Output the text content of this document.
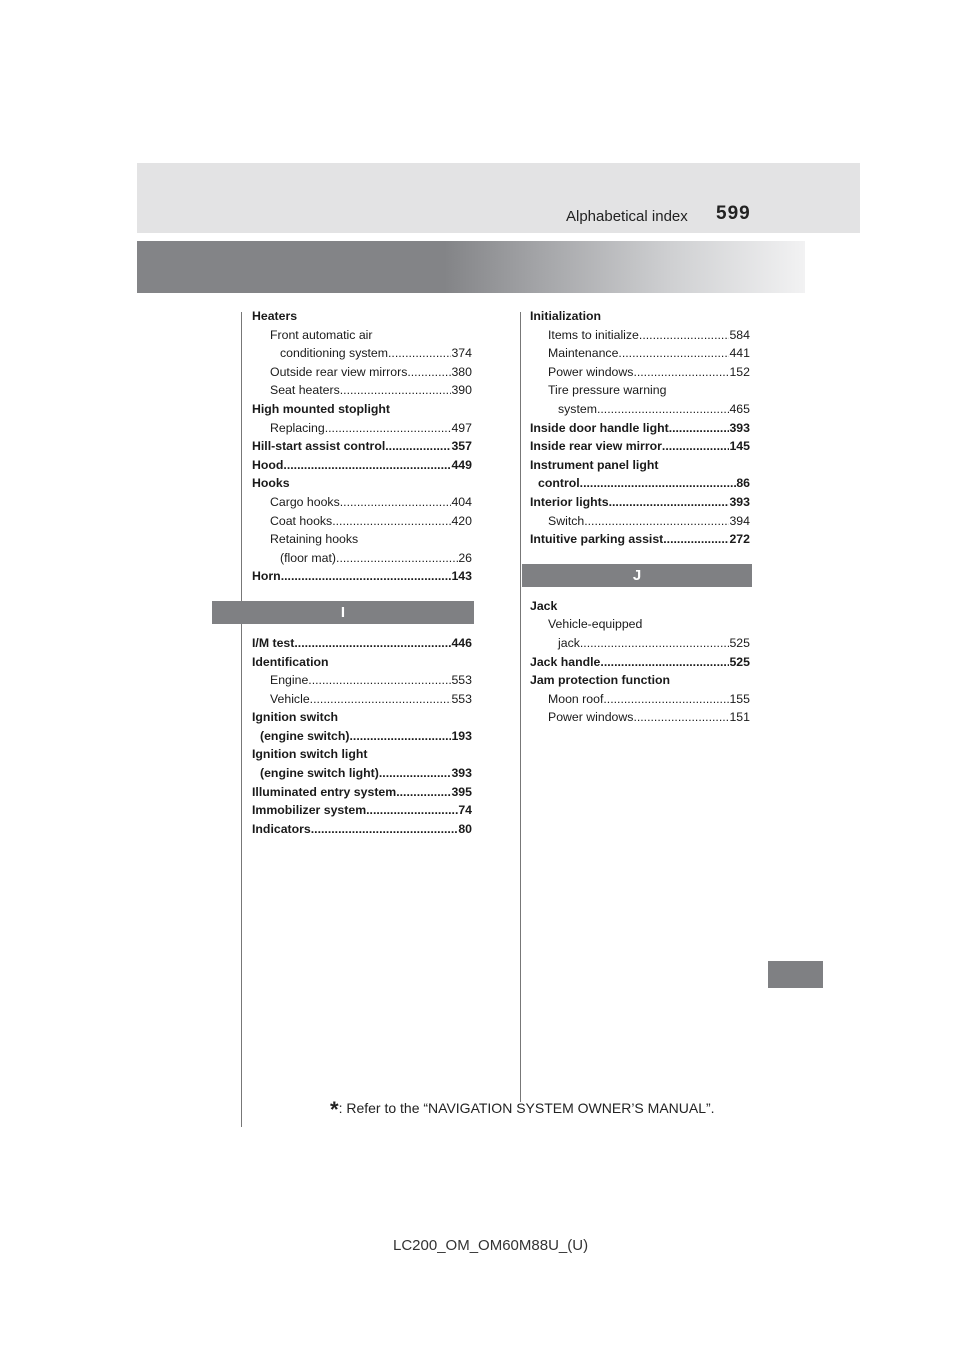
Alphabetical index 599
Heaters
Front automatic air
conditioning system .....	374
Outside rear view mirrors .....	380
Seat heaters .....	390
High mounted stoplight
Replacing .....	497
Hill-start assist control .....	357
Hood .....	449
Hooks
Cargo hooks .....	404
Coat hooks .....	420
Retaining hooks
(floor mat) .....	26
Horn .....	143
I
I/M test .....	446
Identification
Engine .....	553
Vehicle .....	553
Ignition switch
(engine switch) .....	193
Ignition switch light
(engine switch light) .....	393
Illuminated entry system .....	395
Immobilizer system .....	74
Indicators .....	80
Initialization
Items to initialize .....	584
Maintenance .....	441
Power windows .....	152
Tire pressure warning
system .....	465
Inside door handle light .....	393
Inside rear view mirror .....	145
Instrument panel light
control .....	86
Interior lights .....	393
Switch .....	394
Intuitive parking assist .....	272
J
Jack
Vehicle-equipped
jack .....	525
Jack handle .....	525
Jam protection function
Moon roof .....	155
Power windows .....	151
*: Refer to the “NAVIGATION SYSTEM OWNER’S MANUAL”.
LC200_OM_OM60M88U_(U)
